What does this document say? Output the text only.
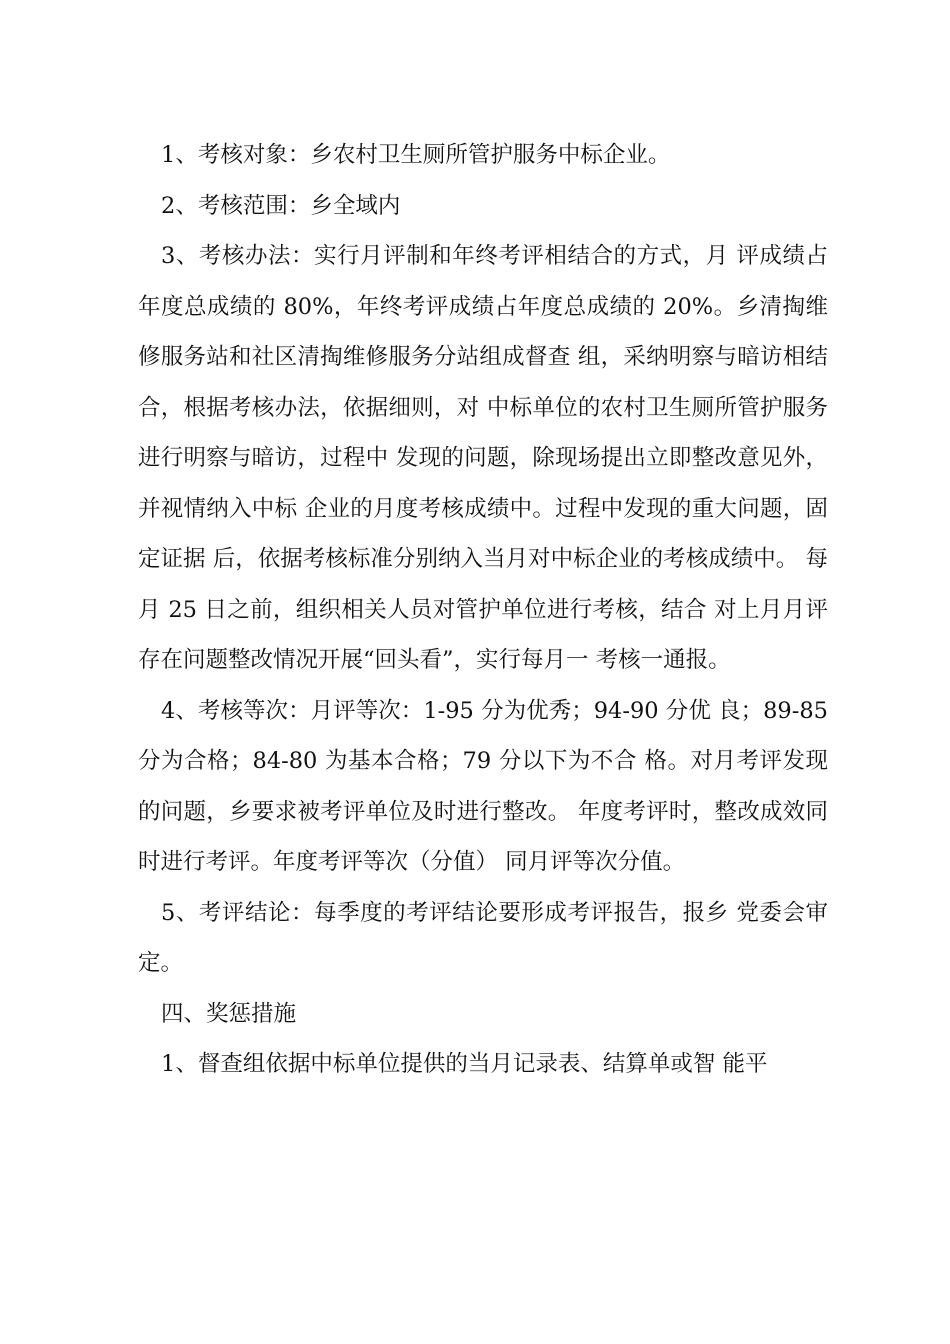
1、考核对象：乡农村卫生厕所管护服务中标企业。

2、考核范围：乡全域内

3、考核办法：实行月评制和年终考评相结合的方式，月 评成绩占年度总成绩的 80%，年终考评成绩占年度总成绩的 20%。乡清掏维修服务站和社区清掏维修服务分站组成督查 组，采纳明察与暗访相结合，根据考核办法，依据细则，对 中标单位的农村卫生厕所管护服务进行明察与暗访，过程中 发现的问题，除现场提出立即整改意见外，并视情纳入中标 企业的月度考核成绩中。过程中发现的重大问题，固定证据 后，依据考核标准分别纳入当月对中标企业的考核成绩中。 每月 25 日之前，组织相关人员对管护单位进行考核，结合 对上月月评存在问题整改情况开展“回头看”，实行每月一 考核一通报。

4、考核等次：月评等次：1-95 分为优秀；94-90 分优 良；89-85 分为合格；84-80 为基本合格；79 分以下为不合 格。对月考评发现的问题，乡要求被考评单位及时进行整改。 年度考评时，整改成效同时进行考评。年度考评等次（分值） 同月评等次分值。

5、考评结论：每季度的考评结论要形成考评报告，报乡 党委会审定。

四、奖惩措施

1、督查组依据中标单位提供的当月记录表、结算单或智 能平
